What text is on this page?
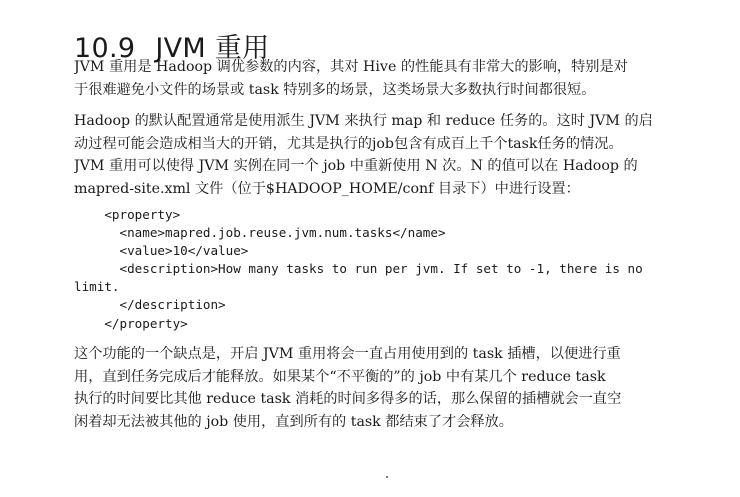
10.9 JVM 重用
JVM 重用是 Hadoop 调优参数的内容，其对 Hive 的性能具有非常大的影响，特别是对
于很难避免小文件的场景或 task 特别多的场景，这类场景大多数执行时间都很短。
Hadoop 的默认配置通常是使用派生 JVM 来执行 map 和 reduce 任务的。这时 JVM 的启
动过程可能会造成相当大的开销，尤其是执行的job包含有成百上千个task任务的情况。
JVM 重用可以使得 JVM 实例在同一个 job 中重新使用 N 次。N 的值可以在 Hadoop 的
mapred-site.xml 文件（位于$HADOOP_HOME/conf 目录下）中进行设置：
<property>
<name>mapred.job.reuse.jvm.num.tasks</name>
<value>10</value>
<description>How many tasks to run per jvm. If set to -1, there is no
limit.
</description>
</property>
这个功能的一个缺点是，开启 JVM 重用将会一直占用使用到的 task 插槽，以便进行重
用，直到任务完成后才能释放。如果某个“不平衡的”的 job 中有某几个 reduce task
执行的时间要比其他 reduce task 消耗的时间多得多的话，那么保留的插槽就会一直空
闲着却无法被其他的 job 使用，直到所有的 task 都结束了才会释放。
